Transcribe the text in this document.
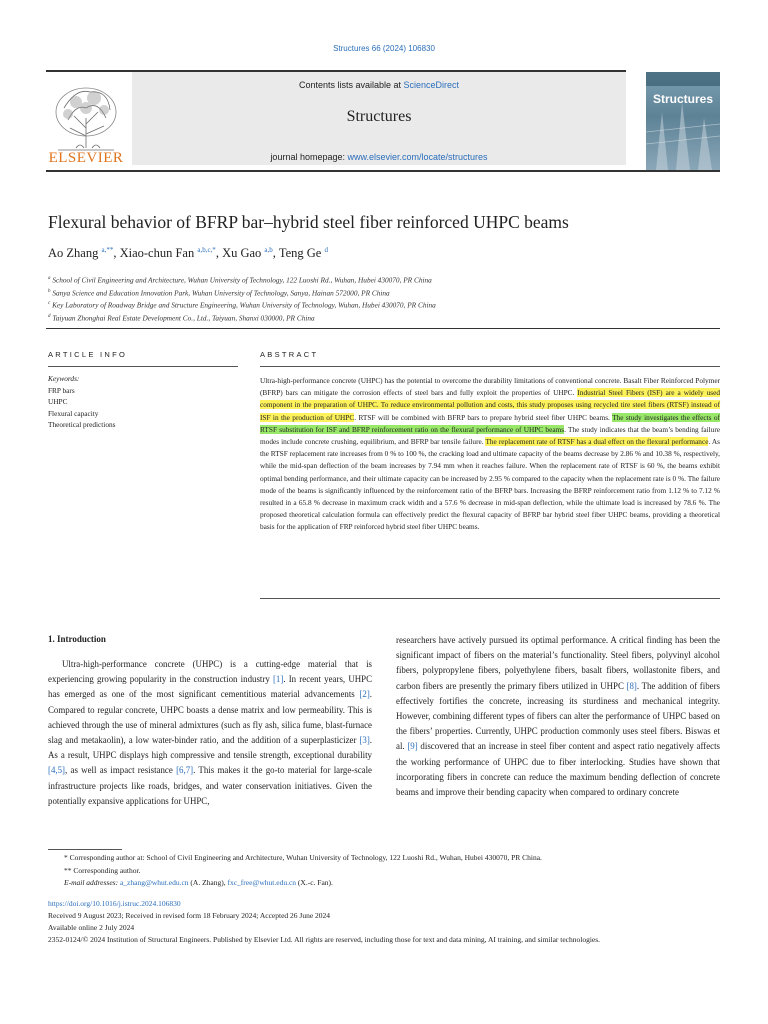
Structures 66 (2024) 106830
ELSEVIER
Contents lists available at ScienceDirect
Structures
journal homepage: www.elsevier.com/locate/structures
Structures
Flexural behavior of BFRP bar–hybrid steel fiber reinforced UHPC beams
Ao Zhang $^{a,**}$, Xiao-chun Fan $^{a,b,c,*}$, Xu Gao $^{a,b}$, Teng Ge $^d$
$^a$ School of Civil Engineering and Architecture, Wuhan University of Technology, 122 Luoshi Rd., Wuhan, Hubei 430070, PR China
$^b$ Sanya Science and Education Innovation Park, Wuhan University of Technology, Sanya, Hainan 572000, PR China
$^c$ Key Laboratory of Roadway Bridge and Structure Engineering, Wuhan University of Technology, Wuhan, Hubei 430070, PR China
$^d$ Taiyuan Zhonghai Real Estate Development Co., Ltd., Taiyuan, Shanxi 030000, PR China
ARTICLE INFO
Keywords:
FRP bars
UHPC
Flexural capacity
Theoretical predictions
ABSTRACT
Ultra-high-performance concrete (UHPC) has the potential to overcome the durability limitations of conventional concrete. Basalt Fiber Reinforced Polymer (BFRP) bars can mitigate the corrosion effects of steel bars and fully exploit the properties of UHPC. Industrial Steel Fibers (ISF) are a widely used component in the preparation of UHPC. To reduce environmental pollution and costs, this study proposes using recycled tire steel fibers (RTSF) instead of ISF in the production of UHPC. RTSF will be combined with BFRP bars to prepare hybrid steel fiber UHPC beams. The study investigates the effects of RTSF substitution for ISF and BFRP reinforcement ratio on the flexural performance of UHPC beams. The study indicates that the beam’s bending failure modes include concrete crushing, equilibrium, and BFRP bar tensile failure. The replacement rate of RTSF has a dual effect on the flexural performance. As the RTSF replacement rate increases from 0 % to 100 %, the cracking load and ultimate capacity of the beams decrease by 2.86 % and 10.38 %, respectively, while the mid-span deflection of the beam increases by 7.94 mm when it reaches failure. When the replacement rate of RTSF is 60 %, the beams exhibit optimal bending performance, and their ultimate capacity can be increased by 2.95 % compared to the capacity when the replacement rate is 0 %. The failure mode of the beams is significantly influenced by the reinforcement ratio of the BFRP bars. Increasing the BFRP reinforcement ratio from 1.12 % to 7.12 % resulted in a 65.8 % decrease in maximum crack width and a 57.6 % decrease in mid-span deflection, while the ultimate load is increased by 78.6 %. The proposed theoretical calculation formula can effectively predict the flexural capacity of BFRP bar hybrid steel fiber UHPC beams, providing a theoretical basis for the application of FRP reinforced hybrid steel fiber UHPC beams.
1. Introduction
Ultra-high-performance concrete (UHPC) is a cutting-edge material that is experiencing growing popularity in the construction industry [1]. In recent years, UHPC has emerged as one of the most significant cementitious material advancements [2]. Compared to regular concrete, UHPC boasts a dense matrix and low permeability. This is achieved through the use of mineral admixtures (such as fly ash, silica fume, blast-furnace slag and metakaolin), a low water-binder ratio, and the addition of a superplasticizer [3]. As a result, UHPC displays high compressive and tensile strength, exceptional durability [4,5], as well as impact resistance [6,7]. This makes it the go-to material for large-scale infrastructure projects like roads, bridges, and water conservation initiatives. Given the potentially expansive applications for UHPC,
researchers have actively pursued its optimal performance. A critical finding has been the significant impact of fibers on the material’s functionality. Steel fibers, polyvinyl alcohol fibers, polypropylene fibers, polyethylene fibers, basalt fibers, wollastonite fibers, and carbon fibers are presently the primary fibers utilized in UHPC [8]. The addition of fibers effectively fortifies the concrete, increasing its sturdiness and mechanical integrity. However, combining different types of fibers can alter the performance of UHPC based on the fibers’ properties. Currently, UHPC production commonly uses steel fibers. Biswas et al. [9] discovered that an increase in steel fiber content and aspect ratio negatively affects the working performance of UHPC due to fiber interlocking. Studies have shown that incorporating fibers in concrete can reduce the maximum bending deflection of concrete beams and improve their bending capacity when compared to ordinary concrete
* Corresponding author at: School of Civil Engineering and Architecture, Wuhan University of Technology, 122 Luoshi Rd., Wuhan, Hubei 430070, PR China.
** Corresponding author.
E-mail addresses: a_zhang@whut.edu.cn (A. Zhang), fxc_free@whut.edu.cn (X.-c. Fan).
https://doi.org/10.1016/j.istruc.2024.106830
Received 9 August 2023; Received in revised form 18 February 2024; Accepted 26 June 2024
Available online 2 July 2024
2352-0124/© 2024 Institution of Structural Engineers. Published by Elsevier Ltd. All rights are reserved, including those for text and data mining, AI training, and similar technologies.
